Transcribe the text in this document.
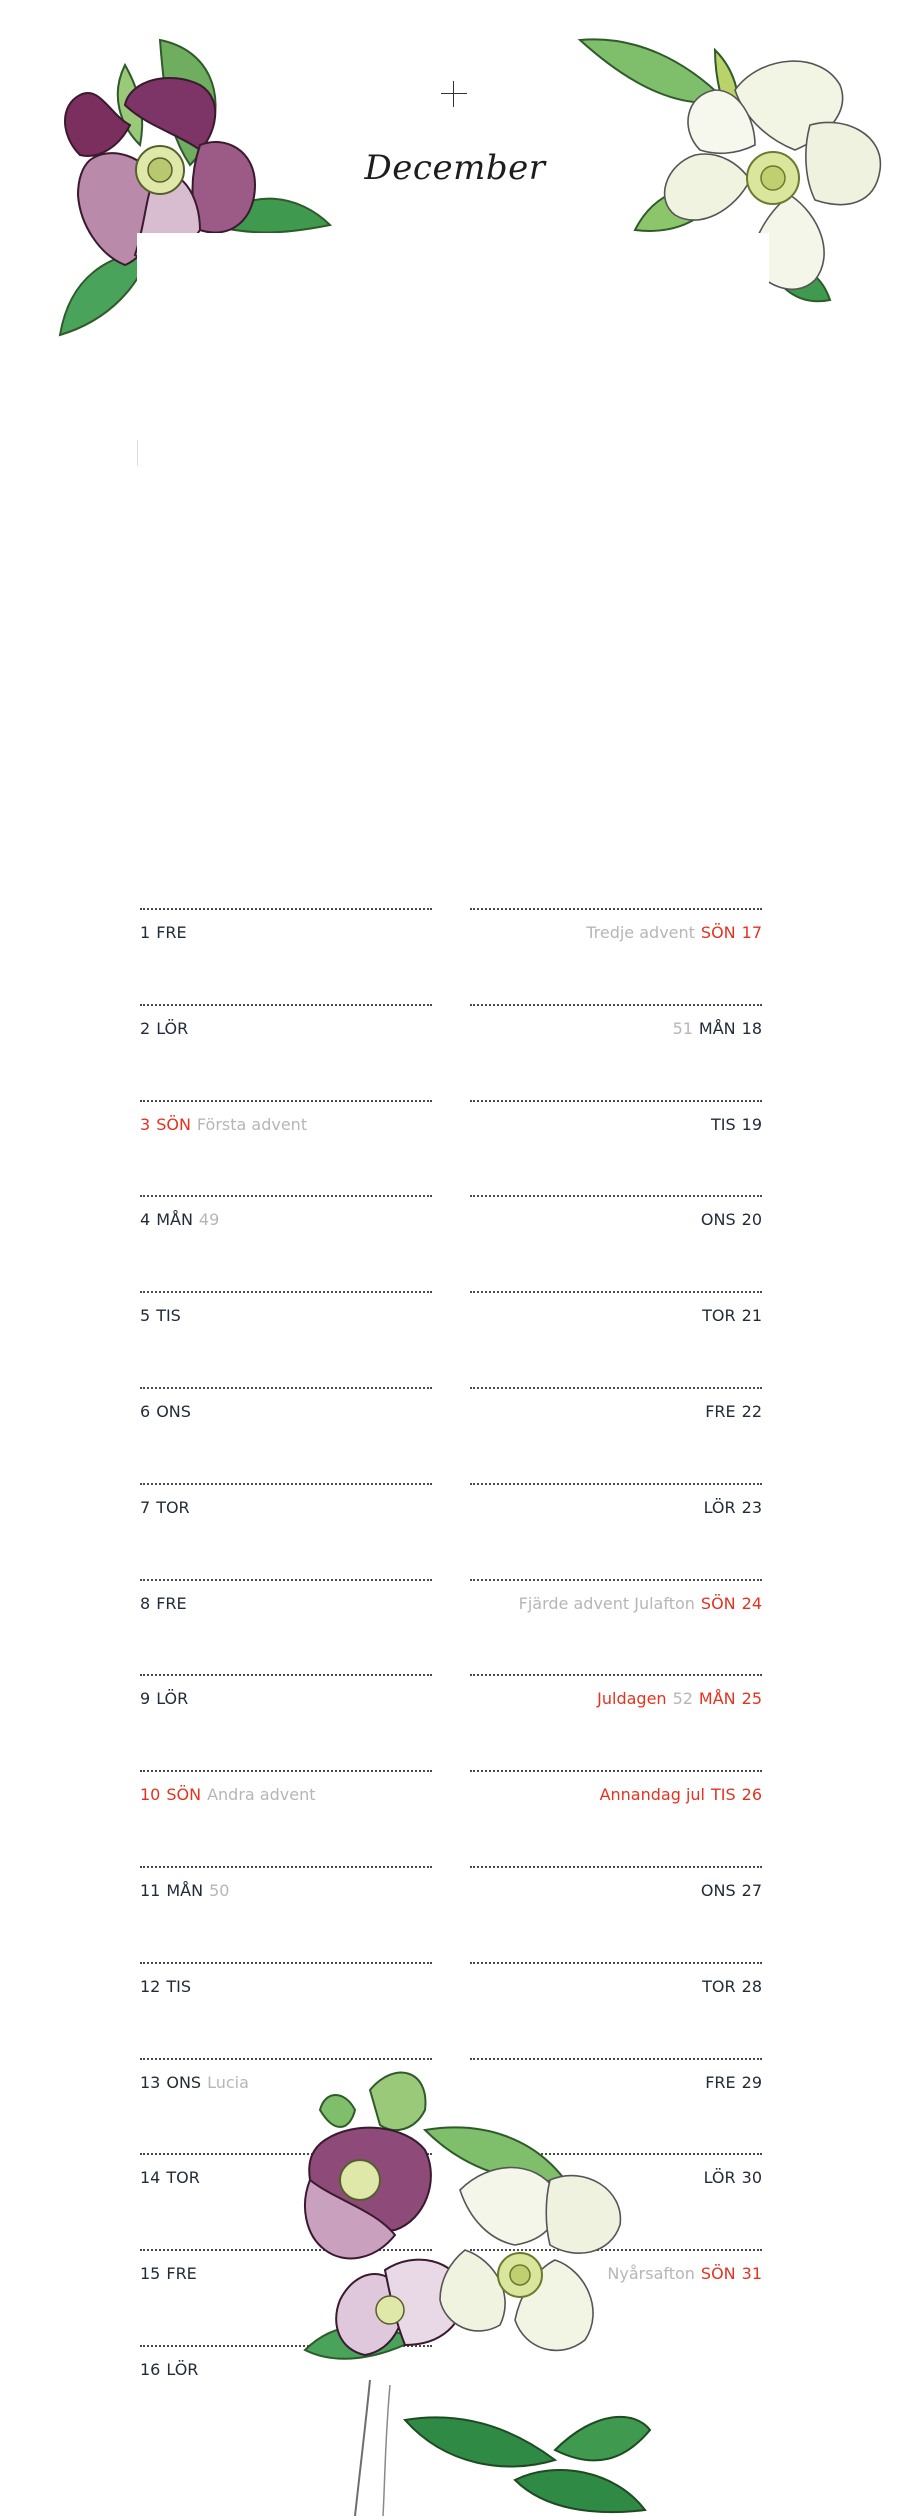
December
1 FRE
2 LÖR
3 SÖN Första advent
4 MÅN 49
5 TIS
6 ONS
7 TOR
8 FRE
9 LÖR
10 SÖN Andra advent
11 MÅN 50
12 TIS
13 ONS Lucia
14 TOR
15 FRE
16 LÖR
Tredje advent SÖN 17
51 MÅN 18
TIS 19
ONS 20
TOR 21
FRE 22
LÖR 23
Fjärde advent Julafton SÖN 24
Juldagen 52 MÅN 25
Annandag jul TIS 26
ONS 27
TOR 28
FRE 29
LÖR 30
Nyårsafton SÖN 31
